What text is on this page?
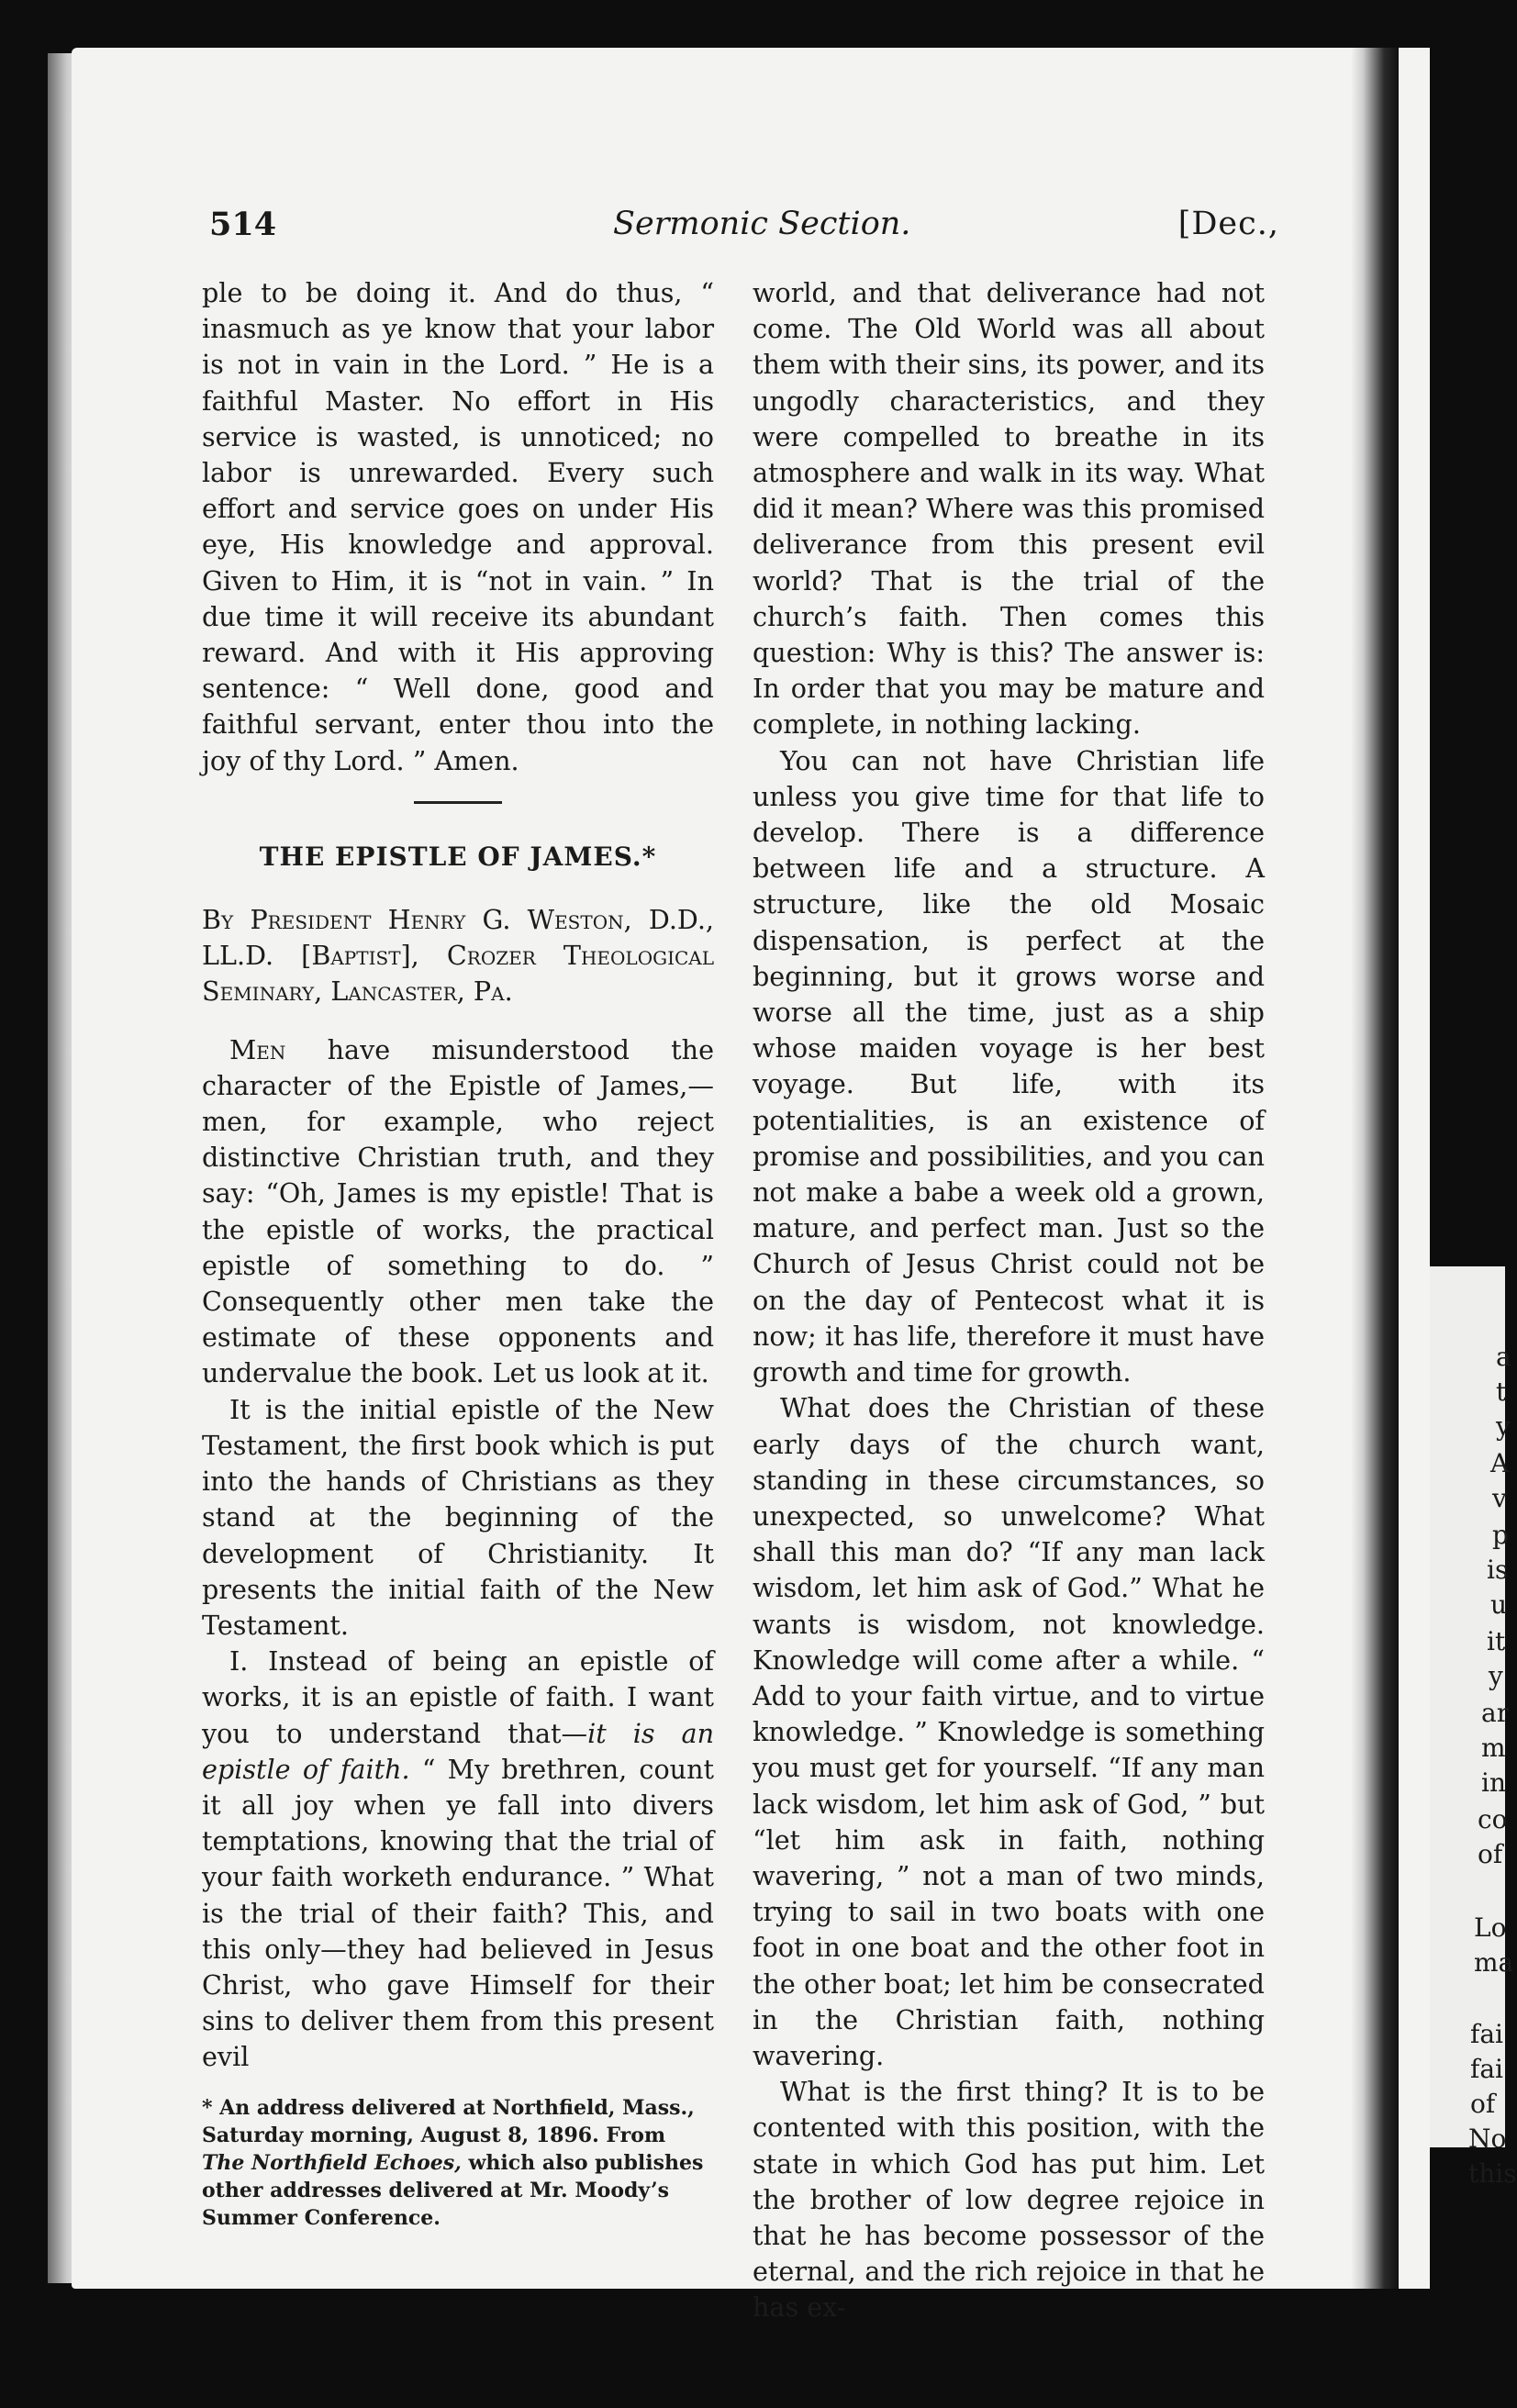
514	Sermonic Section.	[Dec.,

ple to be doing it. And do thus, “ inasmuch as ye know that your labor is not in vain in the Lord. ” He is a faithful Master. No effort in His service is wasted, is unnoticed; no labor is unrewarded. Every such effort and service goes on under His eye, His knowledge and approval. Given to Him, it is “not in vain. ” In due time it will receive its abundant reward. And with it His approving sentence: “ Well done, good and faithful servant, enter thou into the joy of thy Lord. ” Amen.

THE EPISTLE OF JAMES.*
By President Henry G. Weston, D.D., LL.D. [Baptist], Crozer Theological Seminary, Lancaster, Pa.

Men have misunderstood the character of the Epistle of James,—men, for example, who reject distinctive Christian truth, and they say: “Oh, James is my epistle! That is the epistle of works, the practical epistle of something to do. ” Consequently other men take the estimate of these opponents and undervalue the book. Let us look at it.

It is the initial epistle of the New Testament, the first book which is put into the hands of Christians as they stand at the beginning of the development of Christianity. It presents the initial faith of the New Testament.

I. Instead of being an epistle of works, it is an epistle of faith. I want you to understand that—it is an epistle of faith. “ My brethren, count it all joy when ye fall into divers temptations, knowing that the trial of your faith worketh endurance. ” What is the trial of their faith? This, and this only—they had believed in Jesus Christ, who gave Himself for their sins to deliver them from this present evil

* An address delivered at Northfield, Mass., Saturday morning, August 8, 1896. From The Northfield Echoes, which also publishes other addresses delivered at Mr. Moody’s Summer Conference.

world, and that deliverance had not come. The Old World was all about them with their sins, its power, and its ungodly characteristics, and they were compelled to breathe in its atmosphere and walk in its way. What did it mean? Where was this promised deliverance from this present evil world? That is the trial of the church’s faith. Then comes this question: Why is this? The answer is: In order that you may be mature and complete, in nothing lacking.

You can not have Christian life unless you give time for that life to develop. There is a difference between life and a structure. A structure, like the old Mosaic dispensation, is perfect at the beginning, but it grows worse and worse all the time, just as a ship whose maiden voyage is her best voyage. But life, with its potentialities, is an existence of promise and possibilities, and you can not make a babe a week old a grown, mature, and perfect man. Just so the Church of Jesus Christ could not be on the day of Pentecost what it is now; it has life, therefore it must have growth and time for growth.

What does the Christian of these early days of the church want, standing in these circumstances, so unexpected, so unwelcome? What shall this man do? “If any man lack wisdom, let him ask of God.” What he wants is wisdom, not knowledge. Knowledge will come after a while. “ Add to your faith virtue, and to virtue knowledge. ” Knowledge is something you must get for yourself. “If any man lack wisdom, let him ask of God, ” but “let him ask in faith, nothing wavering, ” not a man of two minds, trying to sail in two boats with one foot in one boat and the other foot in the other boat; let him be consecrated in the Christian faith, nothing wavering.

What is the first thing? It is to be contented with this position, with the state in which God has put him. Let the brother of low degree rejoice in that he has become possessor of the eternal, and the rich rejoice in that he has ex-

a
t
y
A
v
p
is
u
it
y
ar
m
in
co
of
Lo
ma
fai
fai
of
No
this
